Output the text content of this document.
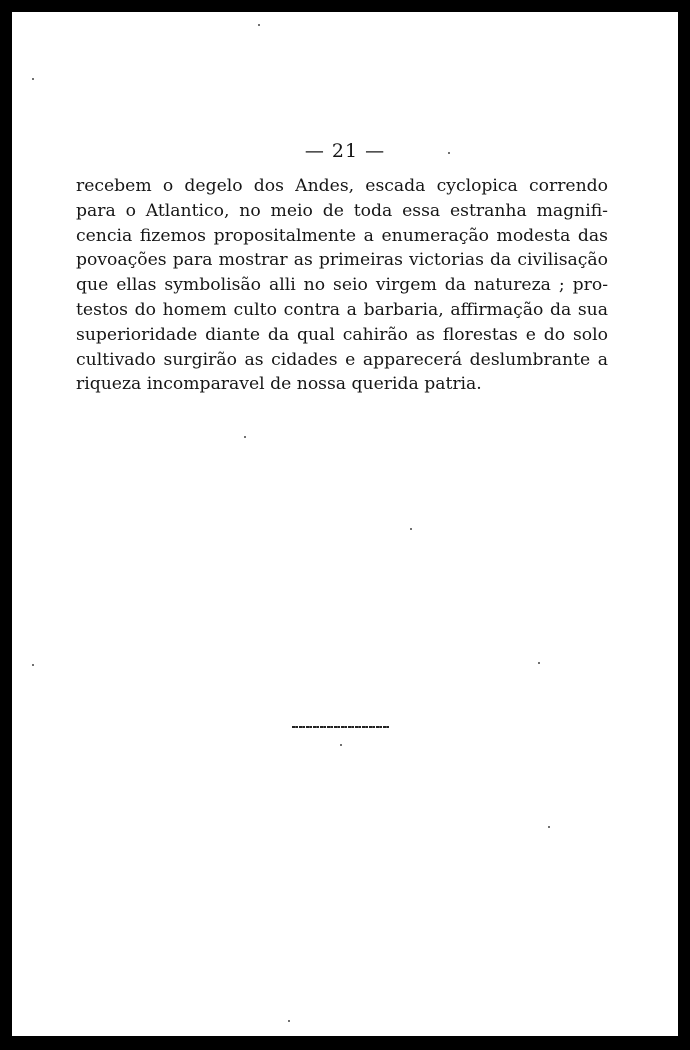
— 21 —
recebem o degelo dos Andes, escada cyclopica correndo
para o Atlantico, no meio de toda essa estranha magnifi-
cencia fizemos propositalmente a enumeração modesta das
povoações para mostrar as primeiras victorias da civilisação
que ellas symbolisão alli no seio virgem da natureza ; pro-
testos do homem culto contra a barbaria, affirmação da sua
superioridade diante da qual cahirão as florestas e do solo
cultivado surgirão as cidades e apparecerá deslumbrante a
riqueza incomparavel de nossa querida patria.
